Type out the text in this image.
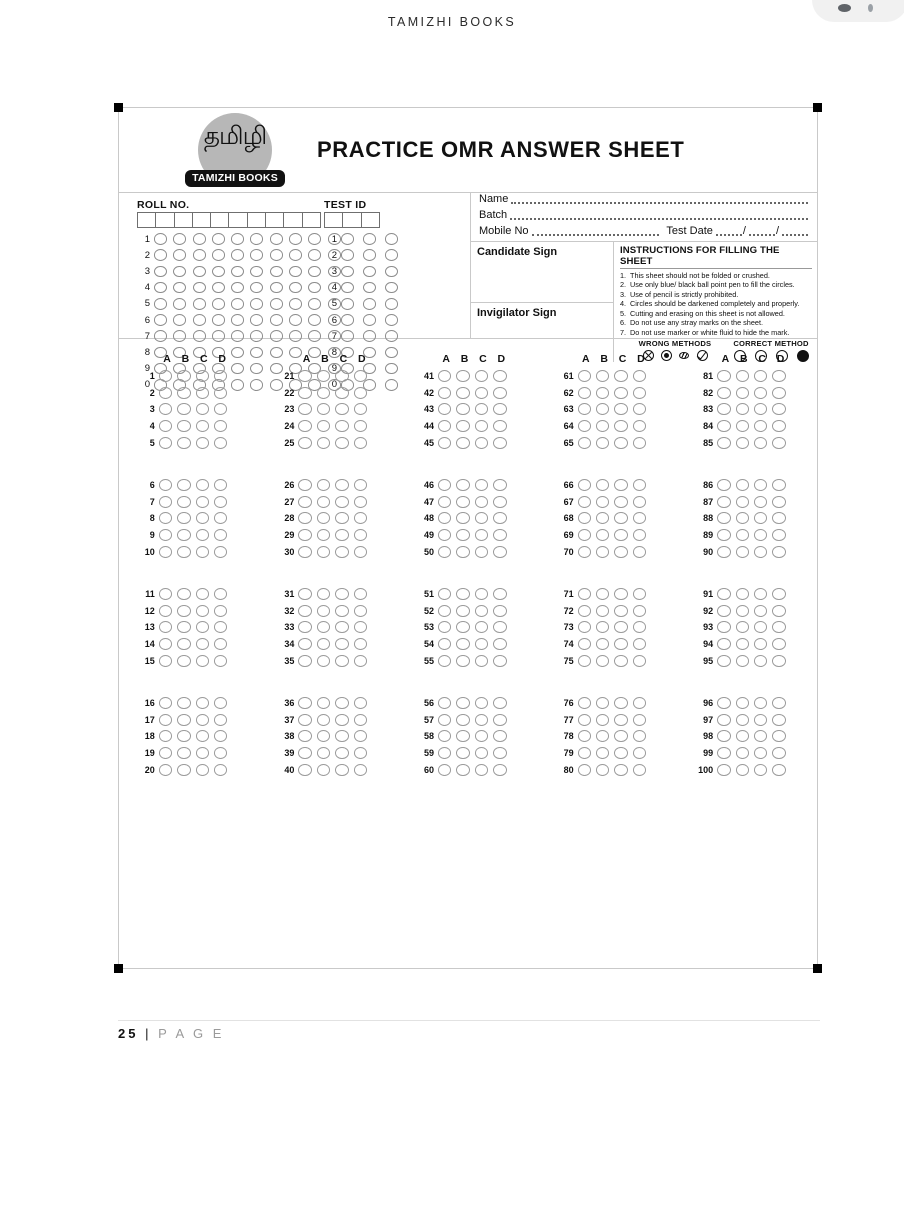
TAMIZHI BOOKS
தமிழி
TAMIZHI BOOKS
PRACTICE OMR ANSWER SHEET
ROLL NO.
1
2
3
4
5
6
7
8
9
0
TEST ID
1
2
3
4
5
6
7
8
9
0
Name
Batch
Mobile No	Test Date	/	/
Candidate Sign
Invigilator Sign
INSTRUCTIONS FOR FILLING THE SHEET
1. This sheet should not be folded or crushed.
2. Use only blue/ black ball point pen to fill the circles.
3. Use of pencil is strictly prohibited.
4. Circles should be darkened completely and properly.
5. Cutting and erasing on this sheet is not allowed.
6. Do not use any stray marks on the sheet.
7. Do not use marker or white fluid to hide the mark.
WRONG METHODS	CORRECT METHOD
A	B	C	D
1
2
3
4
5
6
7
8
9
10
11
12
13
14
15
16
17
18
19
20
A	B	C	D
21
22
23
24
25
26
27
28
29
30
31
32
33
34
35
36
37
38
39
40
A	B	C	D
41
42
43
44
45
46
47
48
49
50
51
52
53
54
55
56
57
58
59
60
A	B	C	D
61
62
63
64
65
66
67
68
69
70
71
72
73
74
75
76
77
78
79
80
A	B	C	D
81
82
83
84
85
86
87
88
89
90
91
92
93
94
95
96
97
98
99
100
25 | P A G E
